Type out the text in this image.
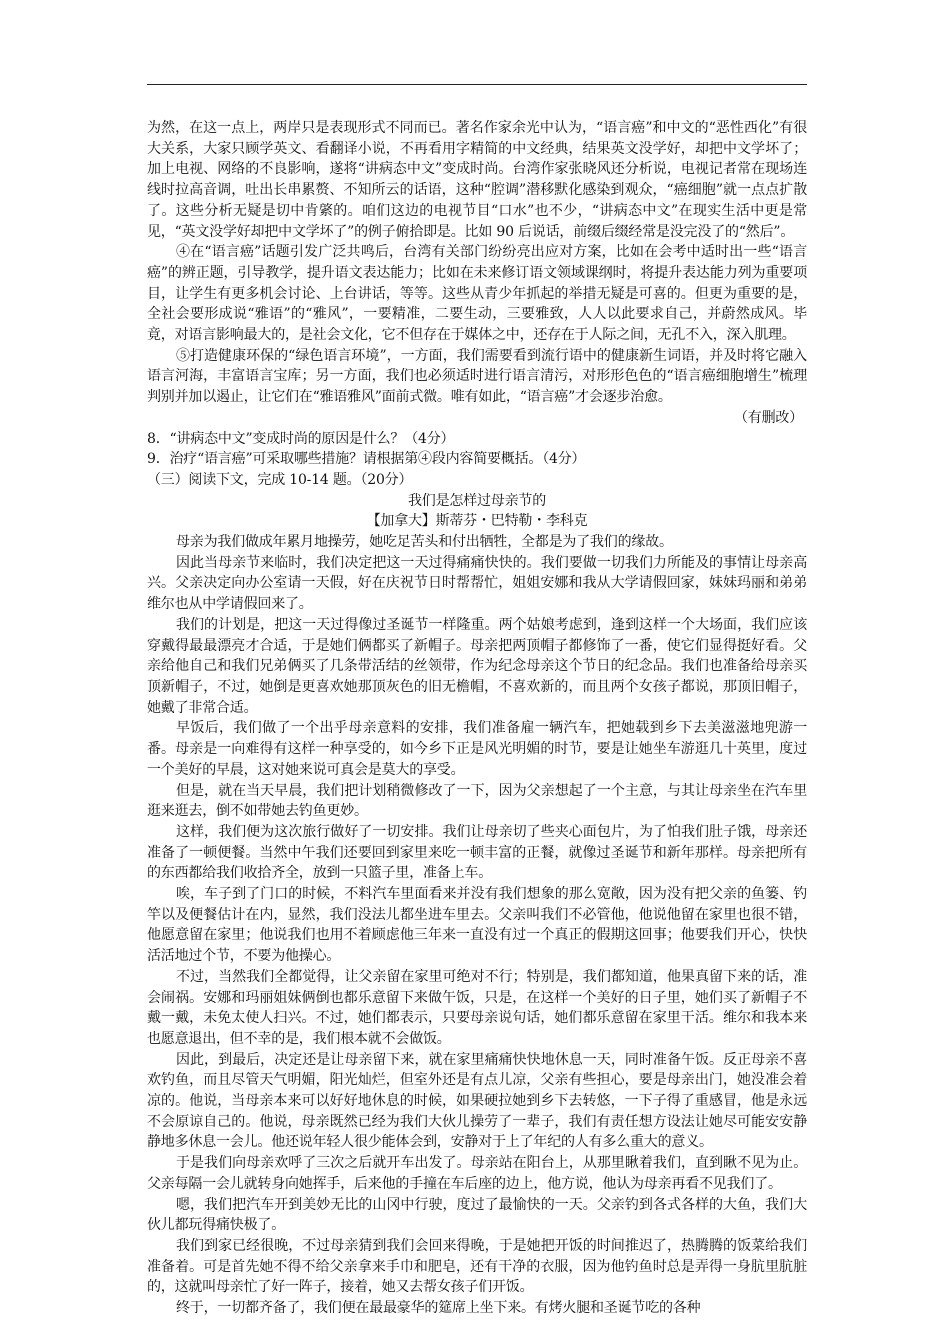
为然，在这一点上，两岸只是表现形式不同而已。著名作家余光中认为，“语言癌”和中文的“恶性西化”有很大关系，大家只顾学英文、看翻译小说，不再看用字精简的中文经典，结果英文没学好，却把中文学坏了；加上电视、网络的不良影响，遂将“讲病态中文”变成时尚。台湾作家张晓风还分析说，电视记者常在现场连线时拉高音调，吐出长串累赘、不知所云的话语，这种“腔调”潜移默化感染到观众，“癌细胞”就一点点扩散了。这些分析无疑是切中肯綮的。咱们这边的电视节目“口水”也不少，“讲病态中文”在现实生活中更是常见，“英文没学好却把中文学坏了”的例子俯拾即是。比如 90 后说话，前缀后缀经常是没完没了的“然后”。

④在“语言癌”话题引发广泛共鸣后，台湾有关部门纷纷亮出应对方案，比如在会考中适时出一些“语言癌”的辨正题，引导教学，提升语文表达能力；比如在未来修订语文领域课纲时，将提升表达能力列为重要项目，让学生有更多机会讨论、上台讲话，等等。这些从青少年抓起的举措无疑是可喜的。但更为重要的是，全社会要形成说“雅语”的“雅风”，一要精准，二要生动，三要雅致，人人以此要求自己，并蔚然成风。毕竟，对语言影响最大的，是社会文化，它不但存在于媒体之中，还存在于人际之间，无孔不入，深入肌理。

⑤打造健康环保的“绿色语言环境”，一方面，我们需要看到流行语中的健康新生词语，并及时将它融入语言河海，丰富语言宝库；另一方面，我们也必须适时进行语言清污，对形形色色的“语言癌细胞增生”梳理判别并加以遏止，让它们在“雅语雅风”面前式微。唯有如此，“语言癌”才会逐步治愈。

（有删改）

8．“讲病态中文”变成时尚的原因是什么？（4分）

9．治疗“语言癌”可采取哪些措施？请根据第④段内容简要概括。（4分）

（三）阅读下文，完成 10-14 题。（20分）

我们是怎样过母亲节的

【加拿大】斯蒂芬・巴特勒・李科克

母亲为我们做成年累月地操劳，她吃足苦头和付出牺牲，全都是为了我们的缘故。

因此当母亲节来临时，我们决定把这一天过得痛痛快快的。我们要做一切我们力所能及的事情让母亲高兴。父亲决定向办公室请一天假，好在庆祝节日时帮帮忙，姐姐安娜和我从大学请假回家，妹妹玛丽和弟弟维尔也从中学请假回来了。

我们的计划是，把这一天过得像过圣诞节一样隆重。两个姑娘考虑到，逢到这样一个大场面，我们应该穿戴得最最漂亮才合适，于是她们俩都买了新帽子。母亲把两顶帽子都修饰了一番，使它们显得挺好看。父亲给他自己和我们兄弟俩买了几条带活结的丝领带，作为纪念母亲这个节日的纪念品。我们也准备给母亲买顶新帽子，不过，她倒是更喜欢她那顶灰色的旧无檐帽，不喜欢新的，而且两个女孩子都说，那顶旧帽子，她戴了非常合适。

早饭后，我们做了一个出乎母亲意料的安排，我们准备雇一辆汽车，把她载到乡下去美滋滋地兜游一番。母亲是一向难得有这样一种享受的，如今乡下正是风光明媚的时节，要是让她坐车游逛几十英里，度过一个美好的早晨，这对她来说可真会是莫大的享受。

但是，就在当天早晨，我们把计划稍微修改了一下，因为父亲想起了一个主意，与其让母亲坐在汽车里逛来逛去，倒不如带她去钓鱼更妙。

这样，我们便为这次旅行做好了一切安排。我们让母亲切了些夹心面包片，为了怕我们肚子饿，母亲还准备了一顿便餐。当然中午我们还要回到家里来吃一顿丰富的正餐，就像过圣诞节和新年那样。母亲把所有的东西都给我们收拾齐全，放到一只篮子里，准备上车。

唉，车子到了门口的时候，不料汽车里面看来并没有我们想象的那么宽敞，因为没有把父亲的鱼篓、钓竿以及便餐估计在内，显然，我们没法儿都坐进车里去。父亲叫我们不必管他，他说他留在家里也很不错，他愿意留在家里；他说我们也用不着顾虑他三年来一直没有过一个真正的假期这回事；他要我们开心，快快活活地过个节，不要为他操心。

不过，当然我们全都觉得，让父亲留在家里可绝对不行；特别是，我们都知道，他果真留下来的话，准会闹祸。安娜和玛丽姐妹俩倒也都乐意留下来做午饭，只是，在这样一个美好的日子里，她们买了新帽子不戴一戴，未免太使人扫兴。不过，她们都表示，只要母亲说句话，她们都乐意留在家里干活。维尔和我本来也愿意退出，但不幸的是，我们根本就不会做饭。

因此，到最后，决定还是让母亲留下来，就在家里痛痛快快地休息一天，同时准备午饭。反正母亲不喜欢钓鱼，而且尽管天气明媚，阳光灿烂，但室外还是有点儿凉，父亲有些担心，要是母亲出门，她没准会着凉的。他说，当母亲本来可以好好地休息的时候，如果硬拉她到乡下去转悠，一下子得了重感冒，他是永远不会原谅自己的。他说，母亲既然已经为我们大伙儿操劳了一辈子，我们有责任想方设法让她尽可能安安静静地多休息一会儿。他还说年轻人很少能体会到，安静对于上了年纪的人有多么重大的意义。

于是我们向母亲欢呼了三次之后就开车出发了。母亲站在阳台上，从那里瞅着我们，直到瞅不见为止。父亲每隔一会儿就转身向她挥手，后来他的手撞在车后座的边上，他方说，他认为母亲再看不见我们了。

嗯，我们把汽车开到美妙无比的山冈中行驶，度过了最愉快的一天。父亲钓到各式各样的大鱼，我们大伙儿都玩得痛快极了。

我们到家已经很晚，不过母亲猜到我们会回来得晚，于是她把开饭的时间推迟了，热腾腾的饭菜给我们准备着。可是首先她不得不给父亲拿来手巾和肥皂，还有干净的衣服，因为他钓鱼时总是弄得一身肮里肮脏的，这就叫母亲忙了好一阵子，接着，她又去帮女孩子们开饭。

终于，一切都齐备了，我们便在最最豪华的筵席上坐下来。有烤火腿和圣诞节吃的各种
